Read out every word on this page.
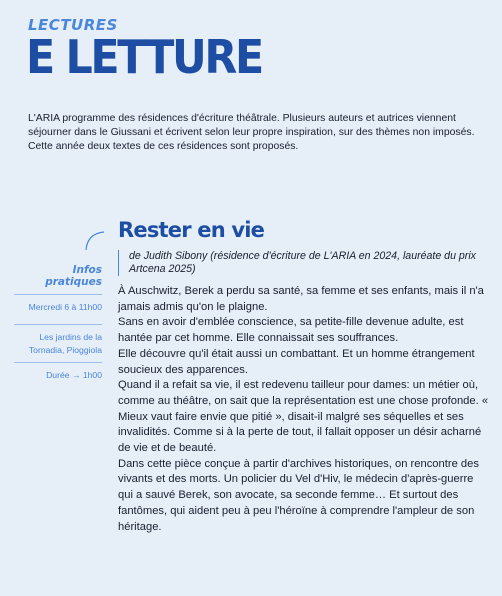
LECTURES
E LETTURE
L'ARIA programme des résidences d'écriture théâtrale. Plusieurs auteurs et autrices viennent séjourner dans le Giussani et écrivent selon leur propre inspiration, sur des thèmes non imposés. Cette année deux textes de ces résidences sont proposés.
Infos
pratiques
Mercredi 6 à 11h00
Les jardins de la
Tornadia, Pioggiola
Durée → 1h00
Rester en vie
de Judith Sibony (résidence d'écriture de L'ARIA en 2024, lauréate du prix Artcena 2025)

À Auschwitz, Berek a perdu sa santé, sa femme et ses enfants, mais il n'a jamais admis qu'on le plaigne.

Sans en avoir d'emblée conscience, sa petite-fille devenue adulte, est hantée par cet homme. Elle connaissait ses souffrances.

Elle découvre qu'il était aussi un combattant. Et un homme étrangement soucieux des apparences.

Quand il a refait sa vie, il est redevenu tailleur pour dames: un métier où, comme au théâtre, on sait que la représentation est une chose profonde. « Mieux vaut faire envie que pitié », disait-il malgré ses séquelles et ses invalidités. Comme si à la perte de tout, il fallait opposer un désir acharné de vie et de beauté.

Dans cette pièce conçue à partir d'archives historiques, on rencontre des vivants et des morts. Un policier du Vel d'Hiv, le médecin d'après-guerre qui a sauvé Berek, son avocate, sa seconde femme… Et surtout des fantômes, qui aident peu à peu l'héroïne à comprendre l'ampleur de son héritage.
